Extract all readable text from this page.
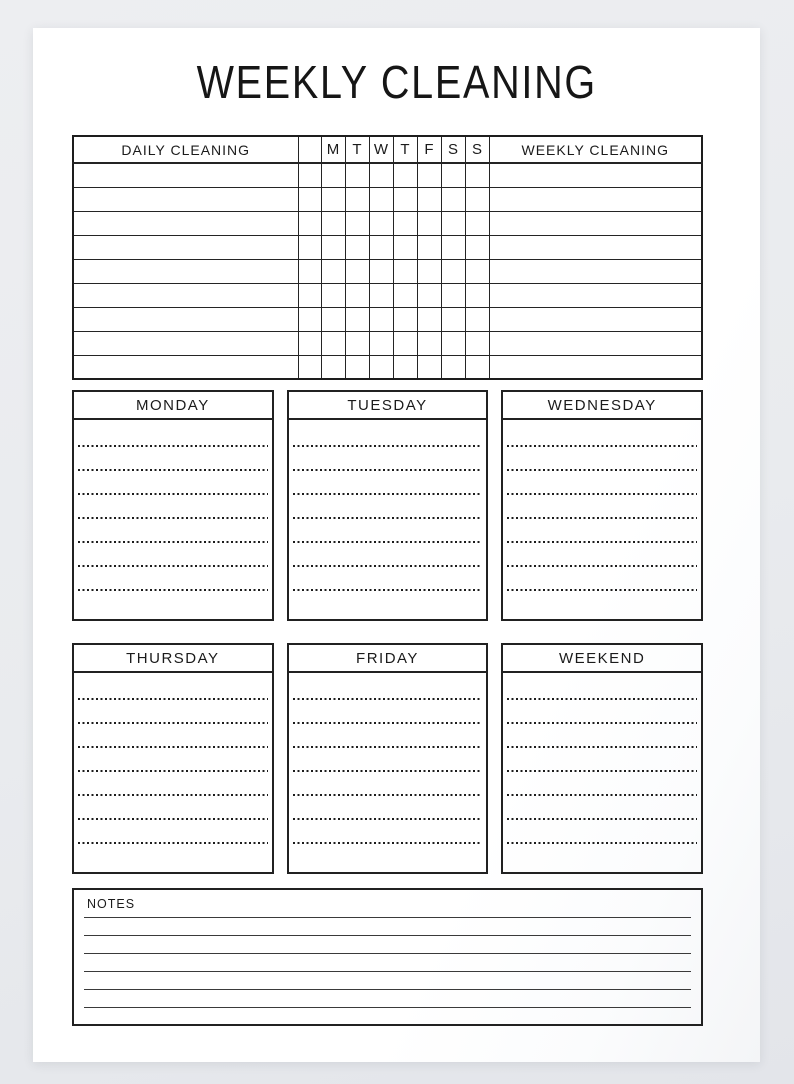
WEEKLY CLEANING
DAILY CLEANING		M	T	W	T	F	S	S	WEEKLY CLEANING

MONDAY	TUESDAY	WEDNESDAY
THURSDAY	FRIDAY	WEEKEND
NOTES
